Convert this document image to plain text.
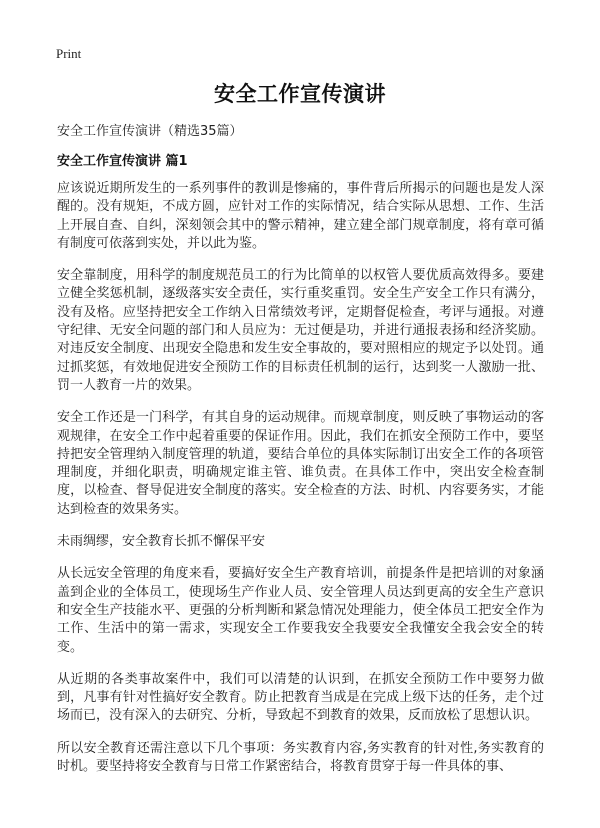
Print
安全工作宣传演讲
安全工作宣传演讲（精选35篇）
安全工作宣传演讲 篇1

应该说近期所发生的一系列事件的教训是惨痛的，事件背后所揭示的问题也是发人深醒的。没有规矩，不成方圆，应针对工作的实际情况，结合实际从思想、工作、生活上开展自查、自纠，深刻领会其中的警示精神，建立建全部门规章制度，将有章可循有制度可依落到实处，并以此为鉴。

安全靠制度，用科学的制度规范员工的行为比简单的以权管人要优质高效得多。要建立健全奖惩机制，逐级落实安全责任，实行重奖重罚。安全生产安全工作只有满分，没有及格。应坚持把安全工作纳入日常绩效考评，定期督促检查，考评与通报。对遵守纪律、无安全问题的部门和人员应为：无过便是功，并进行通报表扬和经济奖励。对违反安全制度、出现安全隐患和发生安全事故的，要对照相应的规定予以处罚。通过抓奖惩，有效地促进安全预防工作的目标责任机制的运行，达到奖一人激励一批、罚一人教育一片的效果。

安全工作还是一门科学，有其自身的运动规律。而规章制度，则反映了事物运动的客观规律，在安全工作中起着重要的保证作用。因此，我们在抓安全预防工作中，要坚持把安全管理纳入制度管理的轨道，要结合单位的具体实际制订出安全工作的各项管理制度，并细化职责，明确规定谁主管、谁负责。在具体工作中，突出安全检查制度，以检查、督导促进安全制度的落实。安全检查的方法、时机、内容要务实，才能达到检查的效果务实。

未雨绸缪，安全教育长抓不懈保平安

从长远安全管理的角度来看，要搞好安全生产教育培训，前提条件是把培训的对象涵盖到企业的全体员工，使现场生产作业人员、安全管理人员达到更高的安全生产意识和安全生产技能水平、更强的分析判断和紧急情况处理能力，使全体员工把安全作为工作、生活中的第一需求，实现安全工作要我安全我要安全我懂安全我会安全的转变。

从近期的各类事故案件中，我们可以清楚的认识到，在抓安全预防工作中要努力做到，凡事有针对性搞好安全教育。防止把教育当成是在完成上级下达的任务，走个过场而已，没有深入的去研究、分析，导致起不到教育的效果，反而放松了思想认识。

所以安全教育还需注意以下几个事项：务实教育内容,务实教育的针对性,务实教育的时机。要坚持将安全教育与日常工作紧密结合，将教育贯穿于每一件具体的事、
